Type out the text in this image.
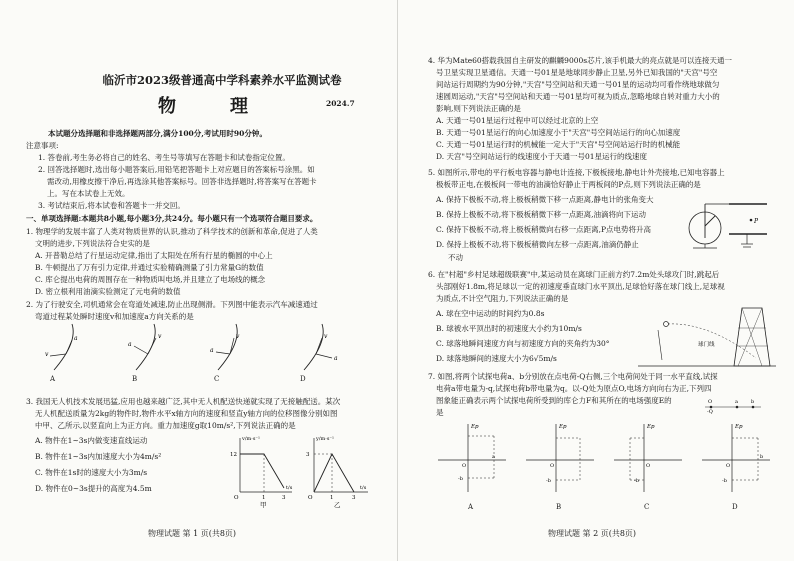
临沂市2023级普通高中学科素养水平监测试卷
物　理	2024.7
本试题分选择题和非选择题两部分,满分100分,考试用时90分钟。
注意事项:
1. 答卷前,考生务必将自己的姓名、考生号等填写在答题卡和试卷指定位置。
2. 回答选择题时,选出每小题答案后,用铅笔把答题卡上对应题目的答案标号涂黑。如
需改动,用橡皮擦干净后,再选涂其他答案标号。回答非选择题时,将答案写在答题卡
上。写在本试卷上无效。
3. 考试结束后,将本试卷和答题卡一并交回。
一、单项选择题:本题共8小题,每小题3分,共24分。每小题只有一个选项符合题目要求。
1. 物理学的发展丰富了人类对物质世界的认识,推动了科学技术的创新和革命,促进了人类
文明的进步,下列说法符合史实的是
A. 开普勒总结了行星运动定律,指出了太阳处在所有行星的椭圆的中心上
B. 牛顿提出了万有引力定律,并通过实验精确测量了引力常量G的数值
C. 库仑提出电荷的周围存在一种物质叫电场,并且建立了电场线的概念
D. 密立根利用油滴实验测定了元电荷的数值
2. 为了行驶安全,司机通常会在弯道处减速,防止出现侧滑。下列图中能表示汽车减速通过
弯道过程某处瞬时速度v和加速度a方向关系的是
v
a
a
v
a
v
a
v
A	B	C	D
3. 我国无人机技术发展迅猛,应用也越来越广泛,其中无人机配送快递就实现了无接触配送。某次
无人机配送质量为2kg的物件时,物件水平x轴方向的速度和竖直y轴方向的位移图像分别如图
中甲、乙所示,以竖直向上为正方向。重力加速度g取10m/s²,下列说法正确的是
A. 物件在1~3s内做变速直线运动
B. 物件在1~3s内加速度大小为4m/s²
C. 物件在1s时的速度大小为3m/s
D. 物件在0~3s提升的高度为4.5m
v/m·s⁻¹
12
O	1	3
t/s
甲
y/m·s⁻¹
3
O	1	3
t/s
乙
物理试题 第 1 页(共8页)
4. 华为Mate60搭载我国自主研发的麒麟9000s芯片,该手机最大的亮点就是可以连接天通一
号卫星实现卫星通信。天通一号01星是地球同步静止卫星,另外已知我国的"天宫"号空
间站运行周期约为90分钟,"天宫"号空间站和天通一号01星的运动均可看作绕地球做匀
速圆周运动,"天宫"号空间站和天通一号01星均可视为质点,忽略地球自转对重力大小的
影响,则下列说法正确的是
A. 天通一号01星运行过程中可以经过北京的上空
B. 天通一号01星运行的向心加速度小于"天宫"号空间站运行的向心加速度
C. 天通一号01星运行时的机械能一定大于"天宫"号空间站运行时的机械能
D. 天宫"号空间站运行的线速度小于天通一号01星运行的线速度
5. 如图所示,带电的平行板电容器与静电计连接,下极板接地,静电计外壳接地,已知电容器上
极板带正电,在极板间一带电的油滴恰好静止于两板间的P点,则下列说法正确的是
A. 保持下极板不动,将上极板稍微下移一点距离,静电计的张角变大
B. 保持上极板不动,将下极板稍微下移一点距离,油滴将向下运动
C. 保持下极板不动,将上极板稍微向右移一点距离,P点电势将升高
D. 保持上极板不动,将下极板稍微向左移一点距离,油滴仍静止
不动
P
6. 在"村超"乡村足球超级联赛"中,某运动员在离球门正前方约7.2m处头球攻门时,跳起后
头部刚好1.8m,将足球以一定的初速度垂直球门水平顶出,足球恰好落在球门线上,足球视
为质点,不计空气阻力,下列说法正确的是
A. 球在空中运动的时间约为0.8s
B. 球被水平顶出时的初速度大小约为10m/s
C. 球落地瞬间速度方向与初速度方向的夹角约为30°
D. 球落地瞬间的速度大小为6√5m/s
球门线
7. 如图,将两个试探电荷a、b分别放在点电荷-Q右侧,三个电荷间处于同一水平直线,试探
电荷a带电量为-q,试探电荷b带电量为q。以-Q处为原点O,电场方向向右为正,下列四
图象能正确表示两个试探电荷所受到的库仑力F和其所在的电场强度E的
是
O
-Q
a	b
Ep
O
a
-b
Ep
O
-b
Ep
O
-b
Ep
O
b
-b
A	B	C	D
物理试题 第 2 页(共8页)
